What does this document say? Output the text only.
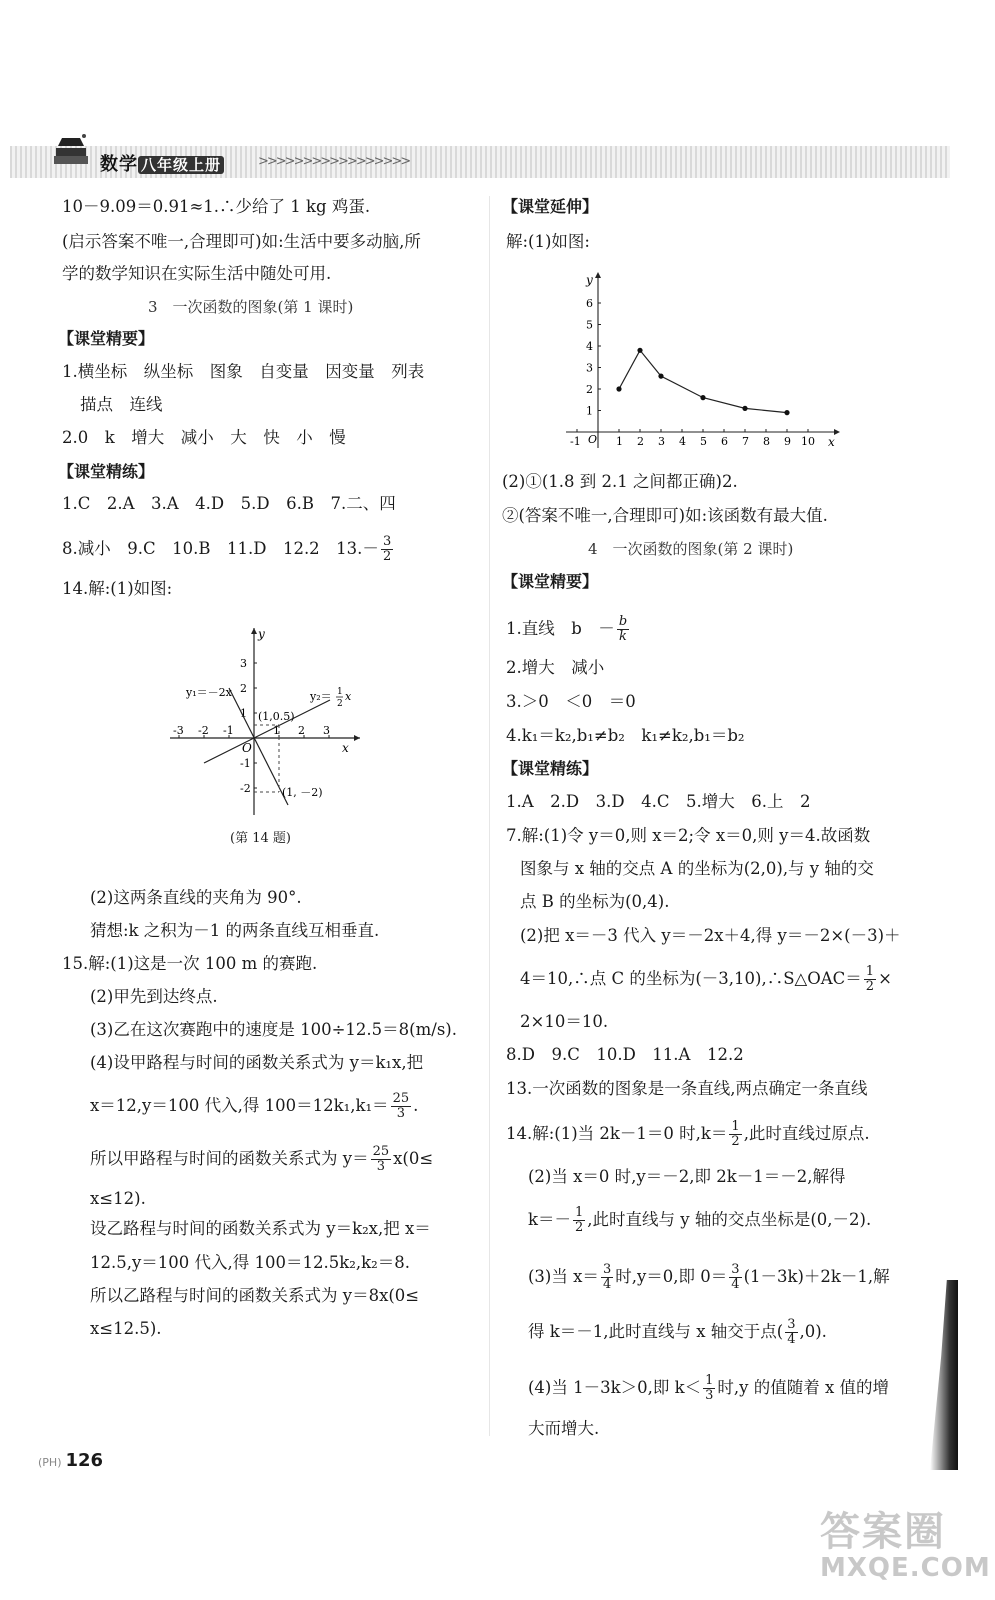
数学 八年级上册	>>>>>>>>>>>>>>>>>
10－9.09＝0.91≈1.∴少给了 1 kg 鸡蛋.
(启示答案不唯一,合理即可)如:生活中要多动脑,所
学的数学知识在实际生活中随处可用.
3　一次函数的图象(第 1 课时)
【课堂精要】
1.横坐标　纵坐标　图象　自变量　因变量　列表
描点　连线
2.0　k　增大　减小　大　快　小　慢
【课堂精练】
1.C　2.A　3.A　4.D　5.D　6.B　7.二、四
8.减小　9.C　10.B　11.D　12.2　$13.- \frac{3}{2}$
14.解:(1)如图:
y
x
O
-3 -2 -1	1 2 3
3
2
1
-1
-2
y₁＝－2x
(1,0.5)
y₂＝ 1
2
x
(1, －2)
(第 14 题)
(2)这两条直线的夹角为 90°.
猜想:k 之积为－1 的两条直线互相垂直.
15.解:(1)这是一次 100 m 的赛跑.
(2)甲先到达终点.
(3)乙在这次赛跑中的速度是 100÷12.5＝8(m/s).
(4)设甲路程与时间的函数关系式为 y＝k₁x,把
x＝12,y＝100 代入,得 $100=12k_1,k_1= \frac{25}{3}$ .
所以甲路程与时间的函数关系式为 $y= \frac{25}{3} x(0\le$
x≤12).
设乙路程与时间的函数关系式为 y＝k₂x,把 x＝
12.5,y＝100 代入,得 100＝12.5k₂,k₂＝8.
所以乙路程与时间的函数关系式为 y＝8x(0≤
x≤12.5).
【课堂延伸】
解:(1)如图:
y
x
O
-1	1 2 3 4 5 6 7 8 9 10
1
2
3
4
5
6
(2)①(1.8 到 2.1 之间都正确)2.
②(答案不唯一,合理即可)如:该函数有最大值.
4　一次函数的图象(第 2 课时)
【课堂精要】
1.直线　b　－ $\frac{b}{k}$
2.增大　减小
3.＞0　＜0　＝0
4.k₁＝k₂,b₁≠b₂　k₁≠k₂,b₁＝b₂
【课堂精练】
1.A　2.D　3.D　4.C　5.增大　6.上　2
7.解:(1)令 y＝0,则 x＝2;令 x＝0,则 y＝4.故函数
图象与 x 轴的交点 A 的坐标为(2,0),与 y 轴的交
点 B 的坐标为(0,4).
(2)把 x＝－3 代入 y＝－2x＋4,得 y＝－2×(－3)＋
4＝10,∴点 C 的坐标为(－3,10),∴S△OAC＝ $\frac{1}{2}$ ×
2×10＝10.
8.D　9.C　10.D　11.A　12.2
13.一次函数的图象是一条直线,两点确定一条直线
14.解:(1)当 2k－1＝0 时$,k= \frac{1}{2}$ ,此时直线过原点.
(2)当 x＝0 时,y＝－2,即 2k－1＝－2,解得
$k=- \frac{1}{2}$ ,此时直线与 y 轴的交点坐标是(0,－2).
(3)当 $x= \frac{3}{4}$ 时,y＝0,即 $0= \frac{3}{4} (1-3k)+2k-1$,解
得 k＝－1,此时直线与 x 轴交于点( $\frac{3}{4} ,0$).
(4)当 1－3k＞0,即 $k< \frac{1}{3}$ 时,y 的值随着 x 值的增
大而增大.
(PH) 126
答案圈
MXQE.COM
